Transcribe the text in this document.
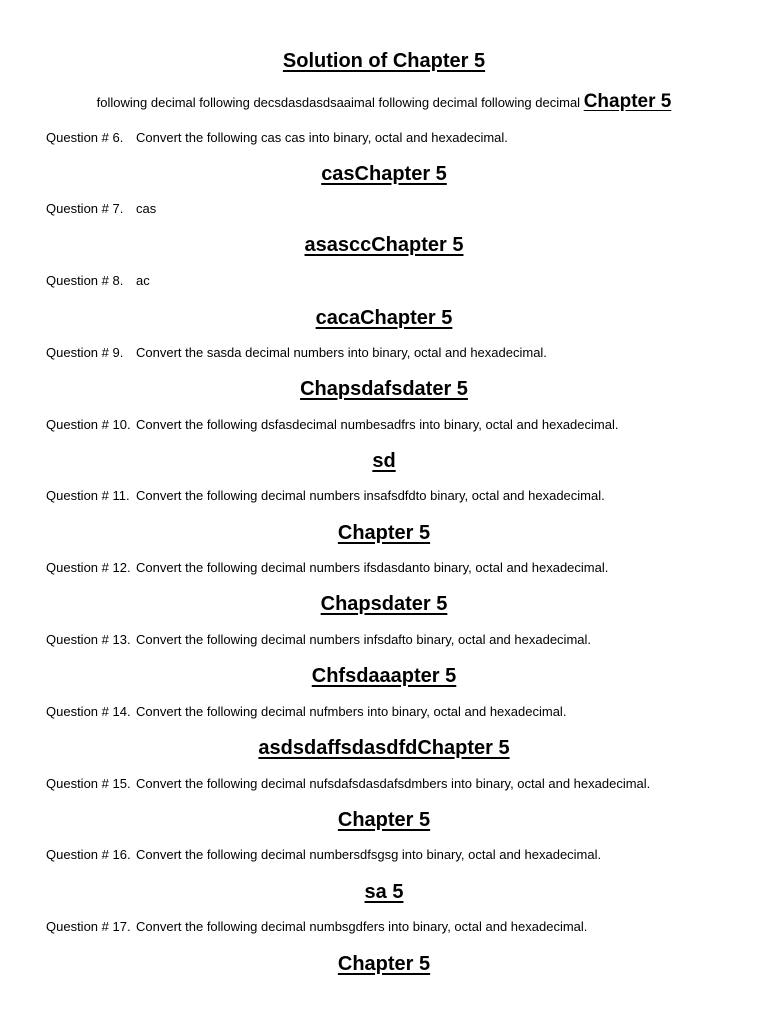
Solution of Chapter 5
following decimal following decsdasdasdsaaimal following decimal following decimal Chapter 5
Question # 6. Convert the following cas cas into binary, octal and hexadecimal.
casChapter 5
Question # 7. cas
asasccChapter 5
Question # 8. ac
cacaChapter 5
Question # 9. Convert the sasda decimal numbers into binary, octal and hexadecimal.
Chapsdafsdater 5
Question # 10. Convert the following dsfasdecimal numbesadfrs into binary, octal and hexadecimal.
sd
Question # 11. Convert the following decimal numbers insafsdfdto binary, octal and hexadecimal.
Chapter 5
Question # 12. Convert the following decimal numbers ifsdasdanto binary, octal and hexadecimal.
Chapsdater 5
Question # 13. Convert the following decimal numbers infsdafto binary, octal and hexadecimal.
Chfsdaaapter 5
Question # 14. Convert the following decimal nufmbers into binary, octal and hexadecimal.
asdsdaffsdasdfdChapter 5
Question # 15. Convert the following decimal nufsdafsdasdafsdmbers into binary, octal and hexadecimal.
Chapter 5
Question # 16. Convert the following decimal numbersdfsgsg into binary, octal and hexadecimal.
sa 5
Question # 17. Convert the following decimal numbsgdfers into binary, octal and hexadecimal.
Chapter 5
